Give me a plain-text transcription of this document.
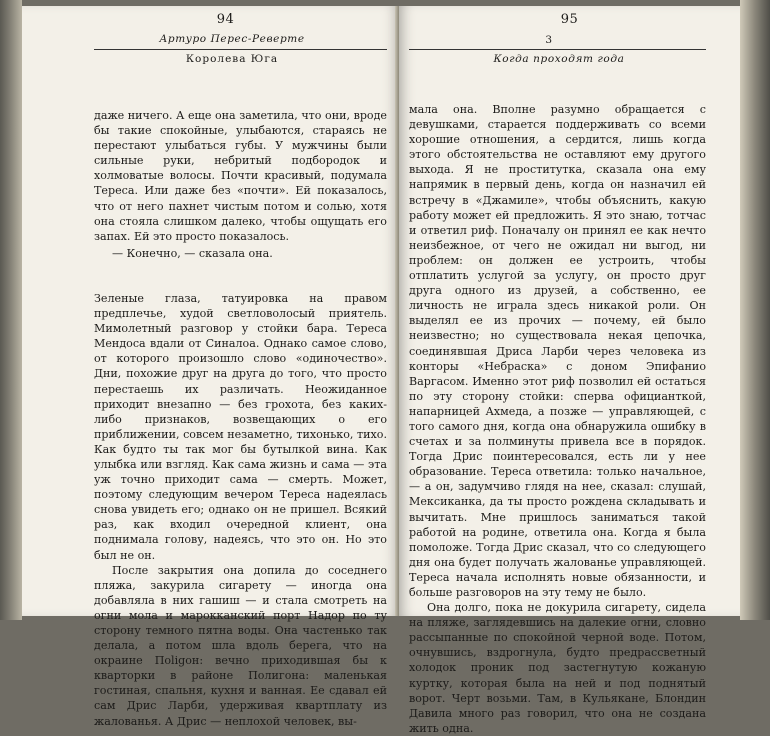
94
Артуро Перес-Реверте
Королева Юга

даже ничего. А еще она заметила, что они, вроде бы такие спокойные, улыбаются, стараясь не перестают улыбаться губы. У мужчины были сильные руки, небритый подбородок и холмоватые волосы. Почти красивый, подумала Тереса. Или даже без «почти». Ей показалось, что от него пахнет чистым потом и солью, хотя она стояла слишком далеко, чтобы ощущать его запах. Ей это просто показалось.

— Конечно, — сказала она.

Зеленые глаза, татуировка на правом предплечье, худой светловолосый приятель. Мимолетный разговор у стойки бара. Тереса Мендоса вдали от Синалоа. Однако самое слово, от которого произошло слово «одиночество». Дни, похожие друг на друга до того, что просто перестаешь их различать. Неожиданное приходит внезапно — без грохота, без каких-либо признаков, возвещающих о его приближении, совсем незаметно, тихонько, тихо. Как будто ты так мог бы бутылкой вина. Как улыбка или взгляд. Как сама жизнь и сама — эта уж точно приходит сама — смерть. Может, поэтому следующим вечером Тереса надеялась снова увидеть его; однако он не пришел. Всякий раз, как входил очередной клиент, она поднимала голову, надеясь, что это он. Но это был не он.

После закрытия она допила до соседнего пляжа, закурила сигарету — иногда она добавляла в них гашиш — и стала смотреть на огни мола и марокканский порт Надор по ту сторону темного пятна воды. Она частенько так делала, а потом шла вдоль берега, что на окраине Поligон: вечно приходившая бы к кварторки в районе Полигона: маленькая гостиная, спальня, кухня и ванная. Ее сдавал ей сам Дрис Ларби, удерживая квартплату из жалованья. А Дрис — неплохой человек, вы-

95
3
Когда проходят года

мала она. Вполне разумно обращается с девушками, старается поддерживать со всеми хорошие отношения, а сердится, лишь когда этого обстоятельства не оставляют ему другого выхода. Я не проститутка, сказала она ему напрямик в первый день, когда он назначил ей встречу в «Джамиле», чтобы объяснить, какую работу может ей предложить. Я это знаю, тотчас и ответил риф. Поначалу он принял ее как нечто неизбежное, от чего не ожидал ни выгод, ни проблем: он должен ее устроить, чтобы отплатить услугой за услугу, он просто друг друга одного из друзей, а собственно, ее личность не играла здесь никакой роли. Он выделял ее из прочих — почему, ей было неизвестно; но существовала некая цепочка, соединявшая Дриса Ларби через человека из конторы «Небраска» с доном Эпифанио Варгасом. Именно этот риф позволил ей остаться по эту сторону стойки: сперва официанткой, напарницей Ахмеда, а позже — управляющей, с того самого дня, когда она обнаружила ошибку в счетах и за полминуты привела все в порядок. Тогда Дрис поинтересовался, есть ли у нее образование. Тереса ответила: только начальное, — а он, задумчиво глядя на нее, сказал: слушай, Мексиканка, да ты просто рождена складывать и вычитать. Мне пришлось заниматься такой работой на родине, ответила она. Когда я была помоложе. Тогда Дрис сказал, что со следующего дня она будет получать жалованье управляющей. Тереса начала исполнять новые обязанности, и больше разговоров на эту тему не было.

Она долго, пока не докурила сигарету, сидела на пляже, заглядевшись на далекие огни, словно рассыпанные по спокойной черной воде. Потом, очнувшись, вздрогнула, будто предрассветный холодок проник под застегнутую кожаную куртку, которая была на ней и под поднятый ворот. Черт возьми. Там, в Кульякане, Блондин Давила много раз говорил, что она не создана жить одна.
